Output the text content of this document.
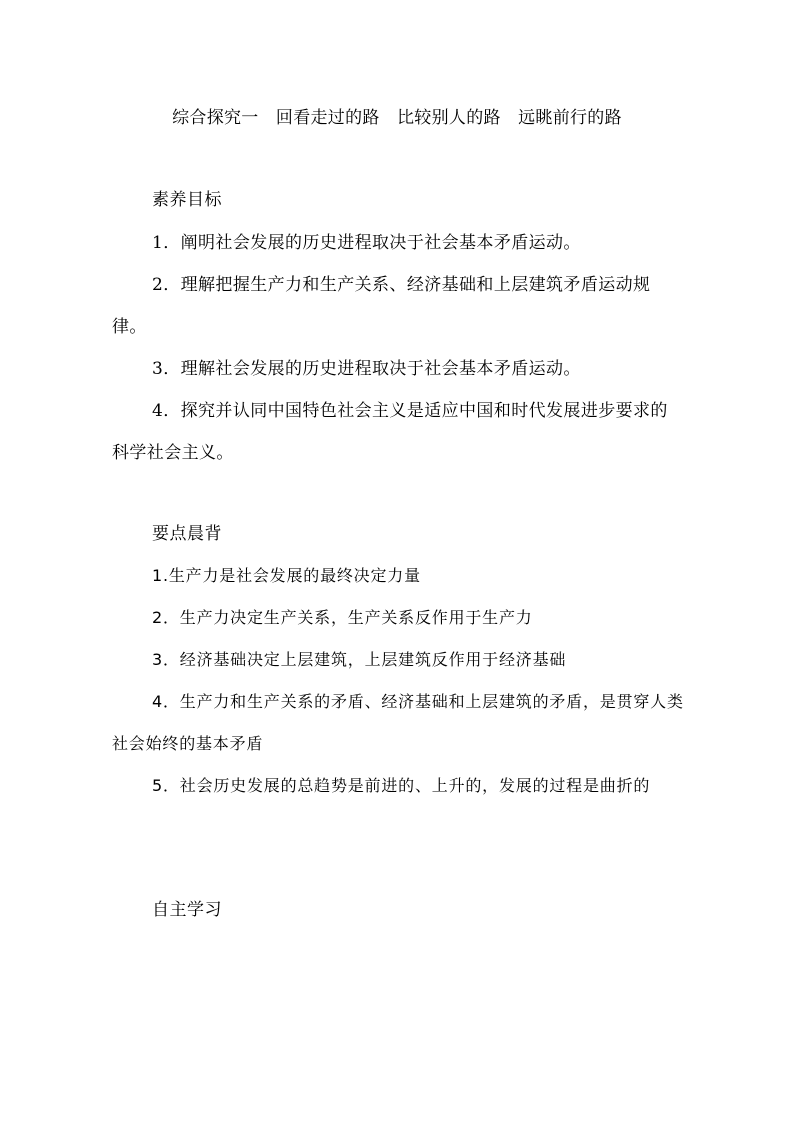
综合探究一　回看走过的路　比较别人的路　远眺前行的路
素养目标

1．阐明社会发展的历史进程取决于社会基本矛盾运动。

2．理解把握生产力和生产关系、经济基础和上层建筑矛盾运动规律。

3．理解社会发展的历史进程取决于社会基本矛盾运动。

4．探究并认同中国特色社会主义是适应中国和时代发展进步要求的科学社会主义。

要点晨背

1.生产力是社会发展的最终决定力量

2．生产力决定生产关系，生产关系反作用于生产力

3．经济基础决定上层建筑，上层建筑反作用于经济基础

4．生产力和生产关系的矛盾、经济基础和上层建筑的矛盾，是贯穿人类社会始终的基本矛盾

5．社会历史发展的总趋势是前进的、上升的，发展的过程是曲折的

自主学习
